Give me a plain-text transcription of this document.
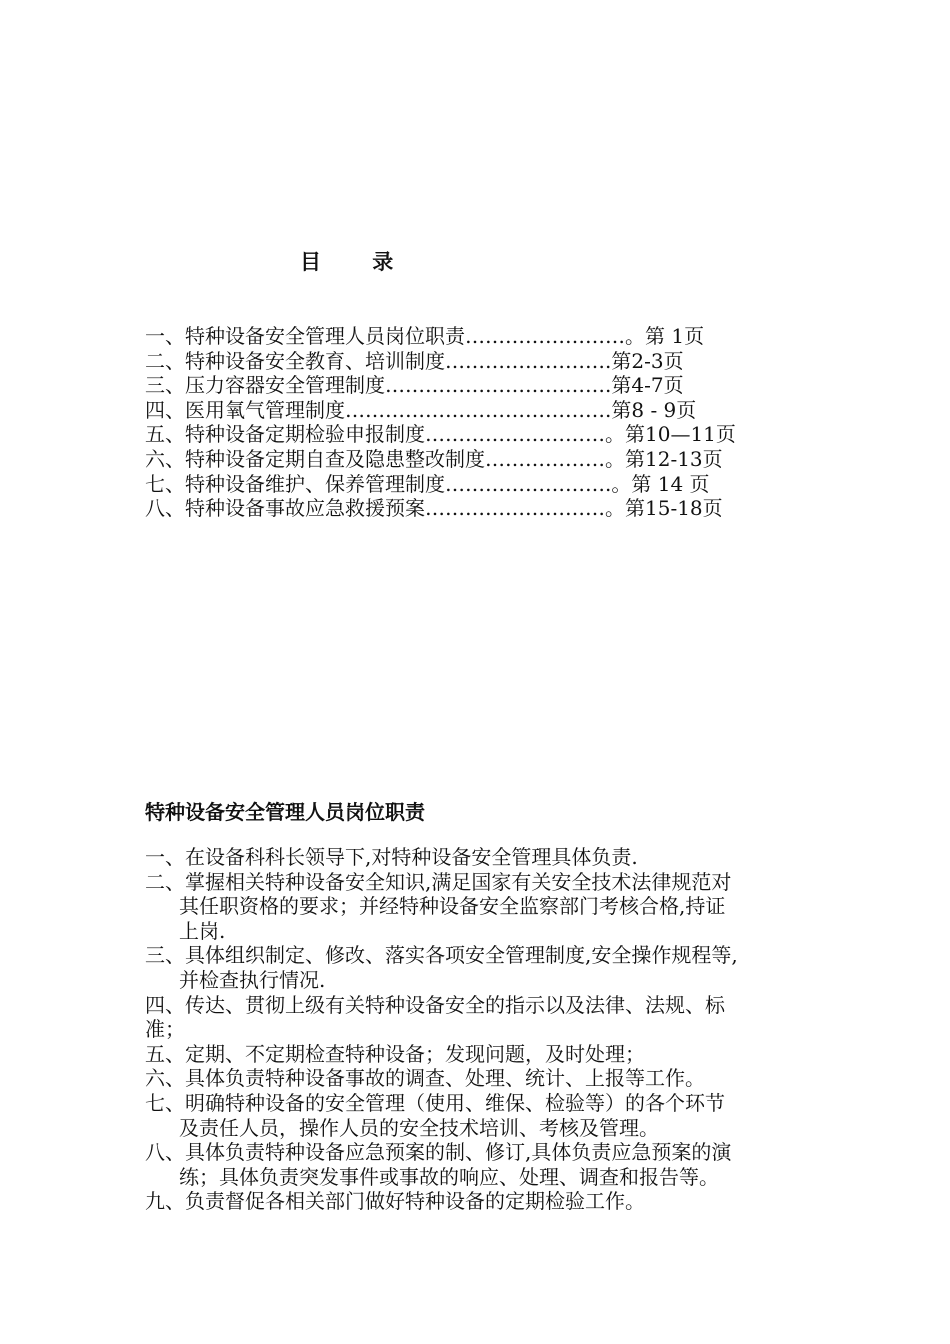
目 录
一、特种设备安全管理人员岗位职责……………………。第 1页
二、特种设备安全教育、培训制度…………………….第2-3页
三、压力容器安全管理制度…………………………….第4-7页
四、医用氧气管理制度………………………………….第8 - 9页
五、特种设备定期检验申报制度………………………。第10—11页
六、特种设备定期自查及隐患整改制度………………。第12-13页
七、特种设备维护、保养管理制度…………………….。第 14 页
八、特种设备事故应急救援预案………………………。第15-18页
特种设备安全管理人员岗位职责
一、在设备科科长领导下,对特种设备安全管理具体负责.
二、掌握相关特种设备安全知识,满足国家有关安全技术法律规范对
其任职资格的要求；并经特种设备安全监察部门考核合格,持证
上岗.
三、具体组织制定、修改、落实各项安全管理制度,安全操作规程等,
并检查执行情况.
四、传达、贯彻上级有关特种设备安全的指示以及法律、法规、标
准；
五、定期、不定期检查特种设备；发现问题，及时处理；
六、具体负责特种设备事故的调查、处理、统计、上报等工作。
七、明确特种设备的安全管理（使用、维保、检验等）的各个环节
及责任人员，操作人员的安全技术培训、考核及管理。
八、具体负责特种设备应急预案的制、修订,具体负责应急预案的演
练；具体负责突发事件或事故的响应、处理、调查和报告等。
九、负责督促各相关部门做好特种设备的定期检验工作。
